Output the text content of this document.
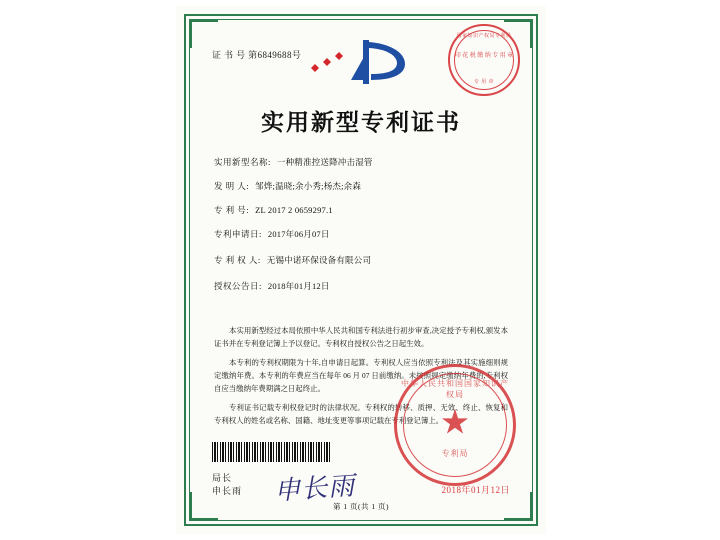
证 书 号 第6849688号
国家知识产权局专利局
印 花 税 缴 纳 专 用 章
专 用 章
实用新型专利证书
实用新型名称: 一种精准控送降冲击湿管
发 明 人: 邹烨;温晓;余小秀;杨杰;余森
专 利 号: ZL 2017 2 0659297.1
专利申请日: 2017年06月07日
专 利 权 人: 无锡中诺环保设备有限公司
授权公告日: 2018年01月12日

本实用新型经过本局依照中华人民共和国专利法进行初步审查,决定授予专利权,颁发本证书并在专利登记簿上予以登记。专利权自授权公告之日起生效。

本专利的专利权期限为十年,自申请日起算。专利权人应当依照专利法及其实施细则规定缴纳年费。本专利的年费应当在每年 06 月 07 日前缴纳。未按照规定缴纳年费的,专利权自应当缴纳年费期满之日起终止。

专利证书记载专利权登记时的法律状况。专利权的转移、质押、无效、终止、恢复和专利权人的姓名或名称、国籍、地址变更等事项记载在专利登记簿上。

局长
申长雨 申长雨
中华人民共和国国家知识产权局
★
专利局
2018年01月12日
第 1 页(共 1 页)
